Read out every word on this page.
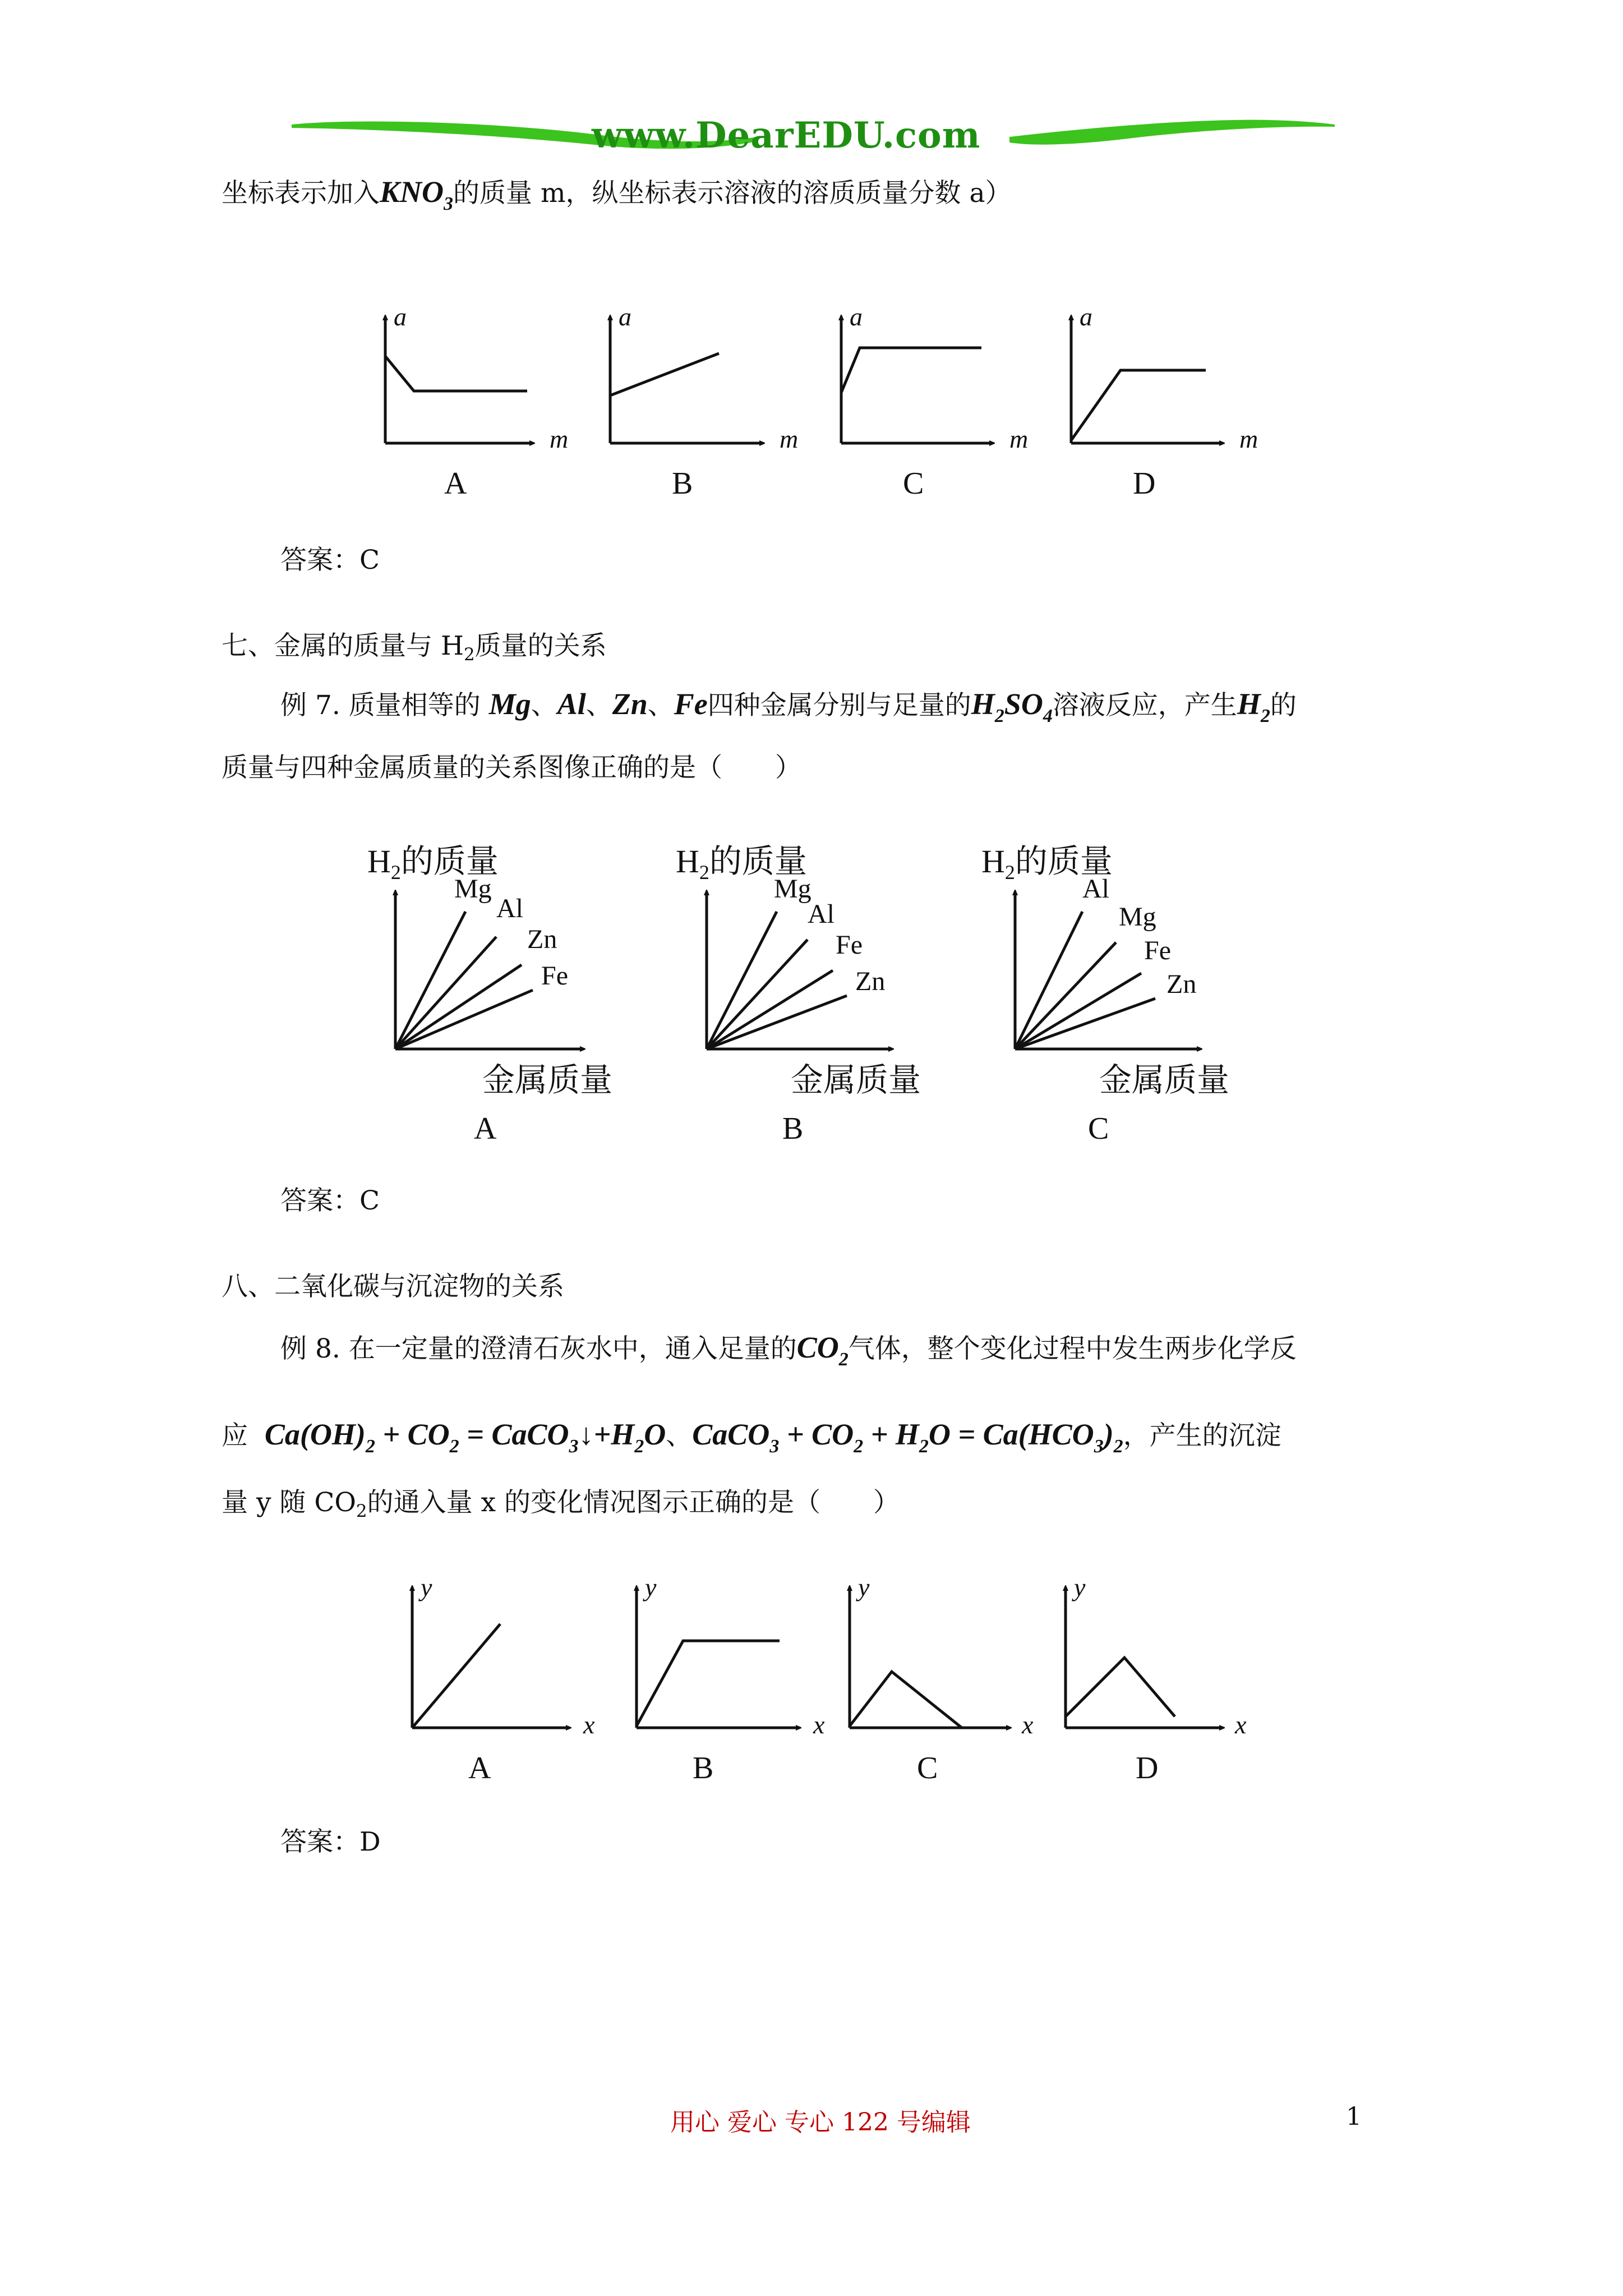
www.DearEDU.com
坐标表示加入$KNO_3$的质量 m，纵坐标表示溶液的溶质质量分数 a）
a
m
a
m
a
m
a
m
A	B	C	D
答案：C
七、金属的质量与 $H_2$质量的关系
例 7. 质量相等的 Mg、Al、Zn、Fe四种金属分别与足量的$H_2SO_4$溶液反应，产生$H_2$的
质量与四种金属质量的关系图像正确的是（　　）
$H_2$的质量	$H_2$的质量	$H_2$的质量
金属质量	金属质量	金属质量
A	B	C
Mg
Al
Zn
Fe
Mg
Al
Fe
Zn
Al
Mg
Fe
Zn
答案：C
八、二氧化碳与沉淀物的关系
例 8. 在一定量的澄清石灰水中，通入足量的$CO_2$气体，整个变化过程中发生两步化学反
应 $Ca(OH)_2 + CO_2$ = $CaCO_3↓+H_2O$、CaCO$_3$ + $CO_2 + H_2O = Ca(HCO_3)_2$，产生的沉淀
量 y 随 $CO_2$的通入量 x 的变化情况图示正确的是（　　）
y
x
y
x
y
x
y
x
A	B	C	D
答案：D
用心 爱心 专心 122 号编辑	1
